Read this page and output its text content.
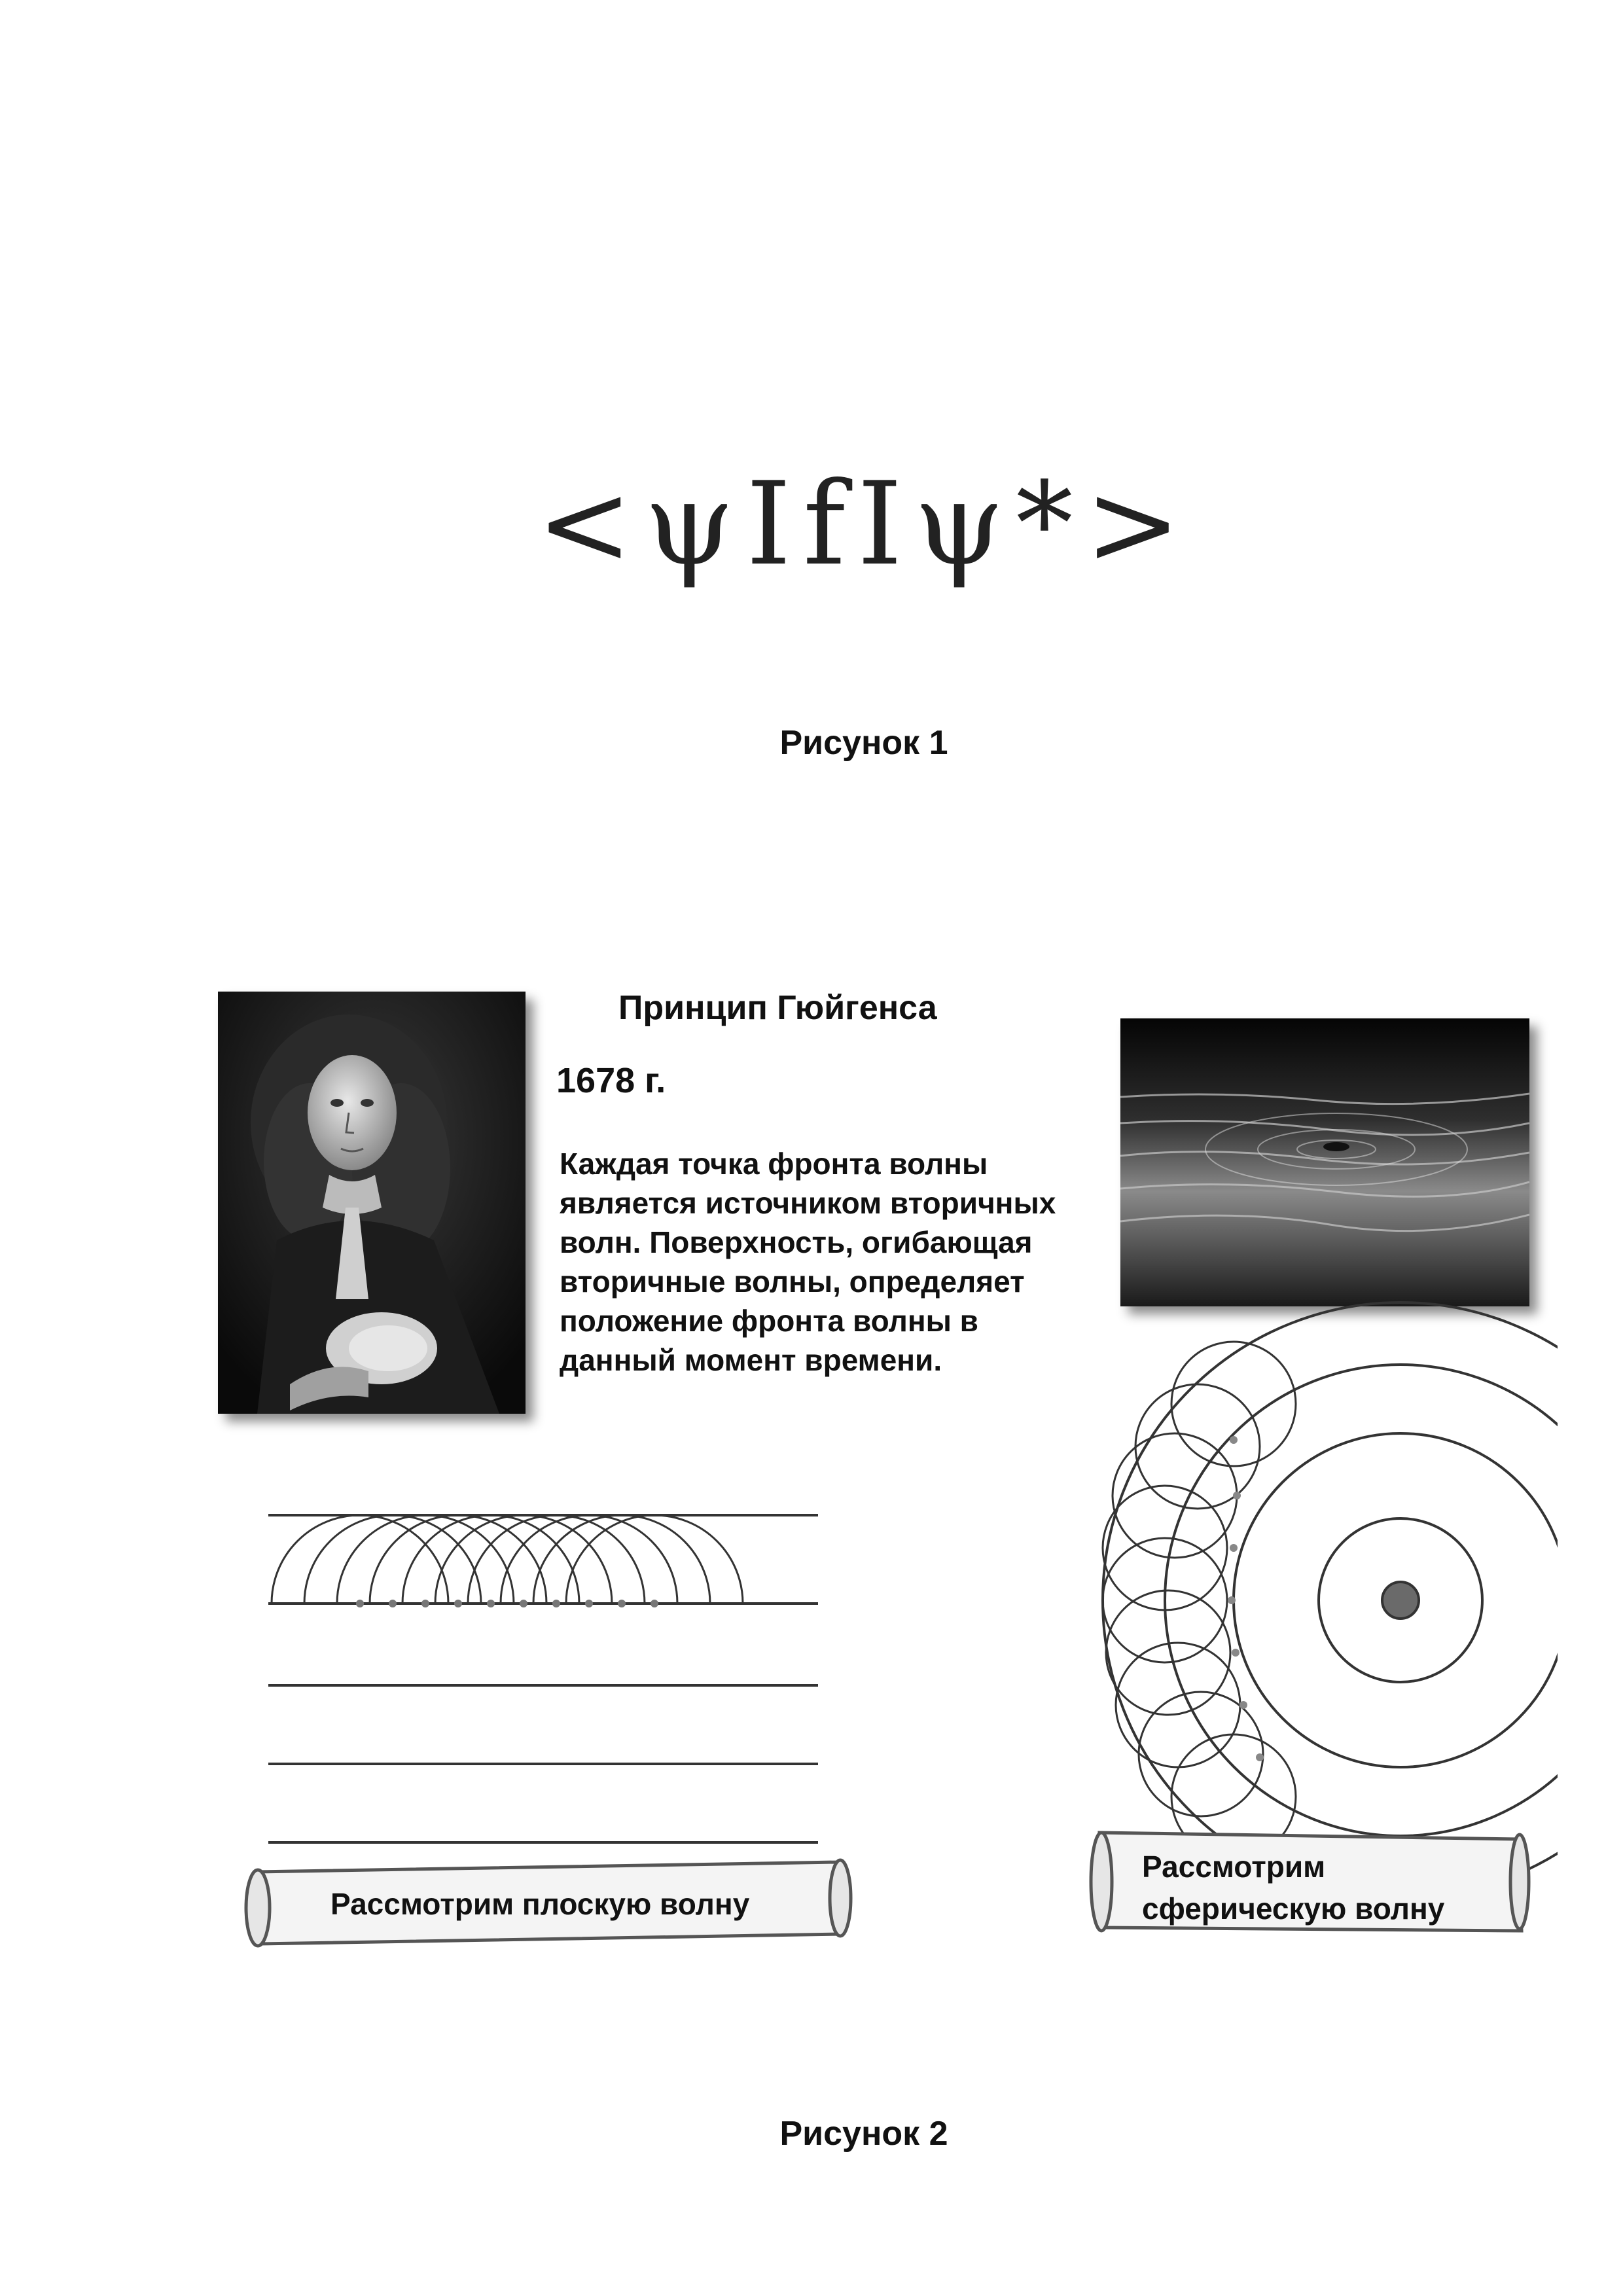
<ψIfIψ*>
Рисунок 1
Принцип Гюйгенса
1678 г.
Каждая точка фронта волны
является источником вторичных
волн. Поверхность, огибающая
вторичные волны, определяет
положение фронта волны в
данный момент времени.
Рассмотрим плоскую волну
Рассмотрим
сферическую волну
Рисунок 2
